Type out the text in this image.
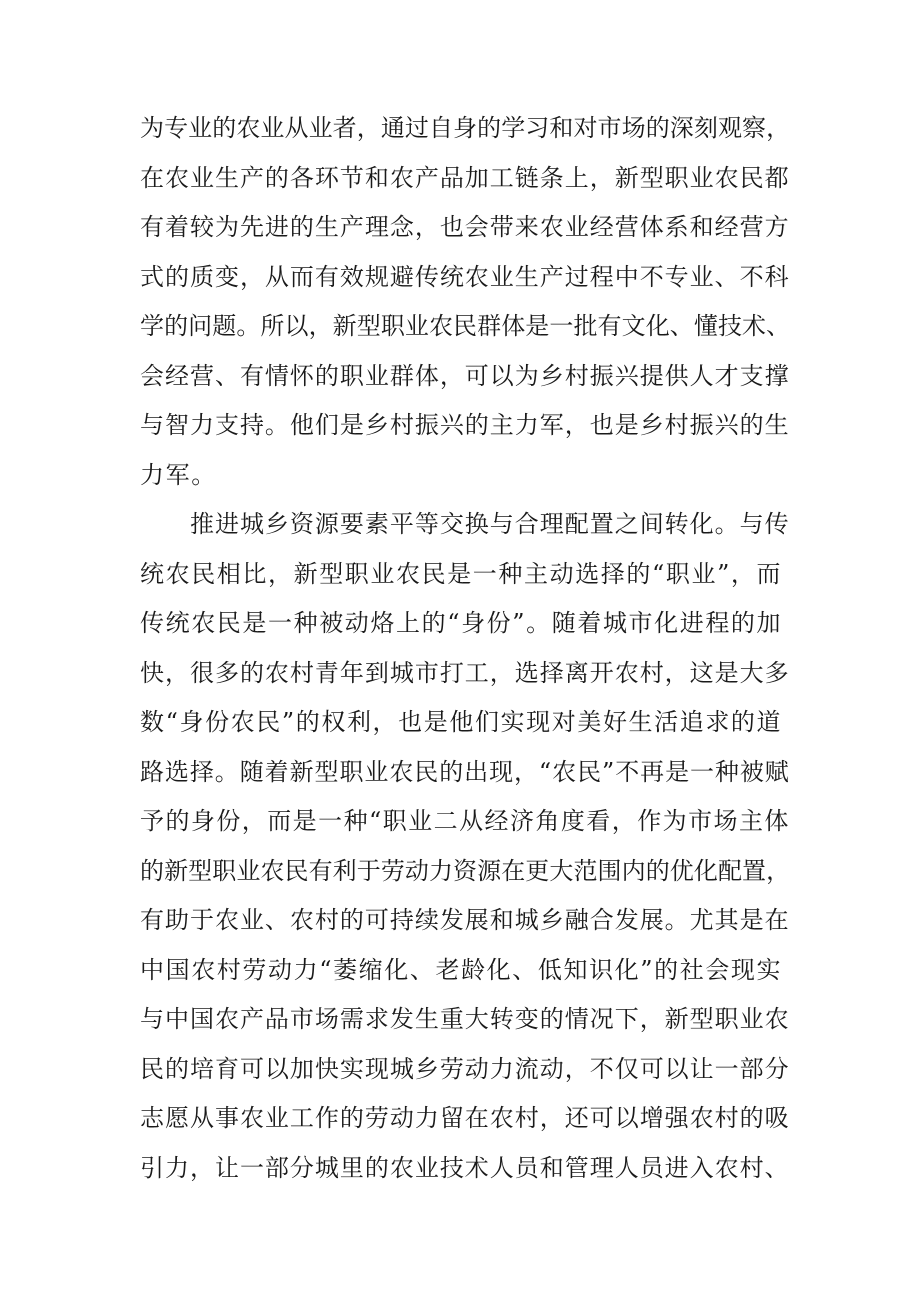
为专业的农业从业者，通过自身的学习和对市场的深刻观察，
在农业生产的各环节和农产品加工链条上，新型职业农民都
有着较为先进的生产理念，也会带来农业经营体系和经营方
式的质变，从而有效规避传统农业生产过程中不专业、不科
学的问题。所以，新型职业农民群体是一批有文化、懂技术、
会经营、有情怀的职业群体，可以为乡村振兴提供人才支撑
与智力支持。他们是乡村振兴的主力军，也是乡村振兴的生
力军。
　　推进城乡资源要素平等交换与合理配置之间转化。与传
统农民相比，新型职业农民是一种主动选择的“职业”，而
传统农民是一种被动烙上的“身份”。随着城市化进程的加
快，很多的农村青年到城市打工，选择离开农村，这是大多
数“身份农民”的权利，也是他们实现对美好生活追求的道
路选择。随着新型职业农民的出现，“农民”不再是一种被赋
予的身份，而是一种“职业二从经济角度看，作为市场主体
的新型职业农民有利于劳动力资源在更大范围内的优化配置，
有助于农业、农村的可持续发展和城乡融合发展。尤其是在
中国农村劳动力“萎缩化、老龄化、低知识化”的社会现实
与中国农产品市场需求发生重大转变的情况下，新型职业农
民的培育可以加快实现城乡劳动力流动，不仅可以让一部分
志愿从事农业工作的劳动力留在农村，还可以增强农村的吸
引力，让一部分城里的农业技术人员和管理人员进入农村、
